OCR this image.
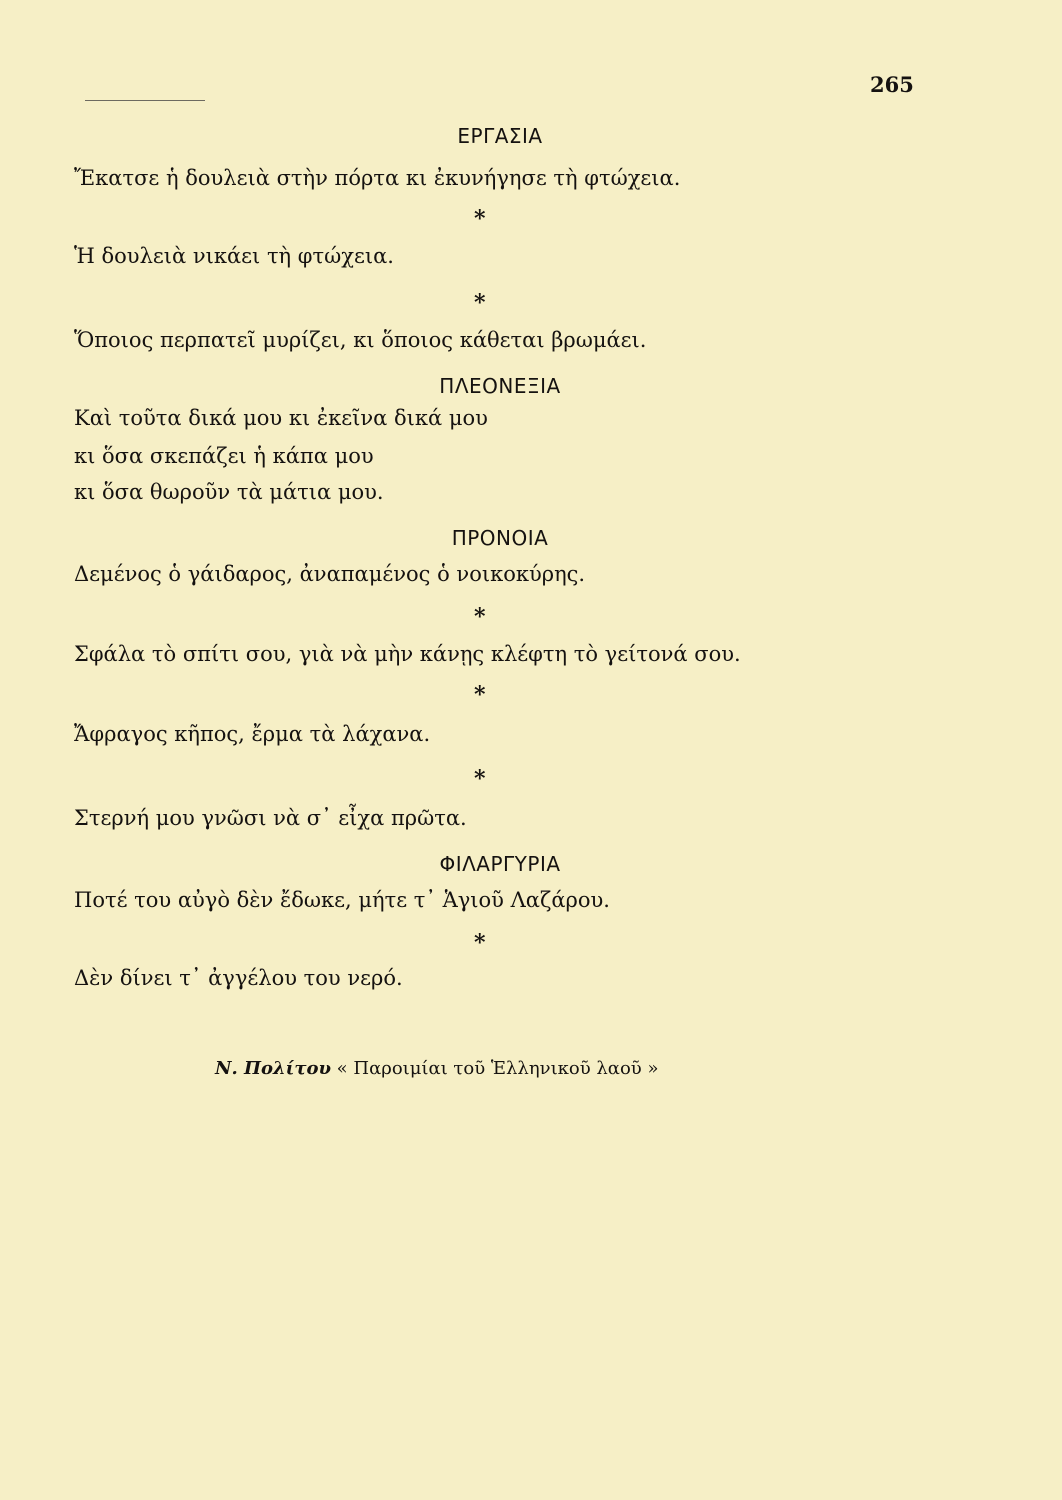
265
ΕΡΓΑΣΙΑ
Ἔκατσε ἡ δουλειὰ στὴν πόρτα κι ἐκυνήγησε τὴ φτώχεια.
*
Ἡ δουλειὰ νικάει τὴ φτώχεια.
*
Ὅποιος περπατεῖ μυρίζει, κι ὅποιος κάθεται βρωμάει.
ΠΛΕΟΝΕΞΙΑ
Καὶ τοῦτα δικά μου κι ἐκεῖνα δικά μου
κι ὅσα σκεπάζει ἡ κάπα μου
κι ὅσα θωροῦν τὰ μάτια μου.
ΠΡΟΝΟΙΑ
Δεμένος ὁ γάιδαρος, ἀναπαμένος ὁ νοικοκύρης.
*
Σφάλα τὸ σπίτι σου, γιὰ νὰ μὴν κάνῃς κλέφτη τὸ γείτονά σου.
*
Ἄφραγος κῆπος, ἔρμα τὰ λάχανα.
*
Στερνή μου γνῶσι νὰ σ᾽ εἶχα πρῶτα.
ΦΙΛΑΡΓΥΡΙΑ
Ποτέ του αὐγὸ δὲν ἔδωκε, μήτε τ᾽ Ἁγιοῦ Λαζάρου.
*
Δὲν δίνει τ᾽ ἀγγέλου του νερό.
Ν. Πολίτου « Παροιμίαι τοῦ Ἑλληνικοῦ λαοῦ »
